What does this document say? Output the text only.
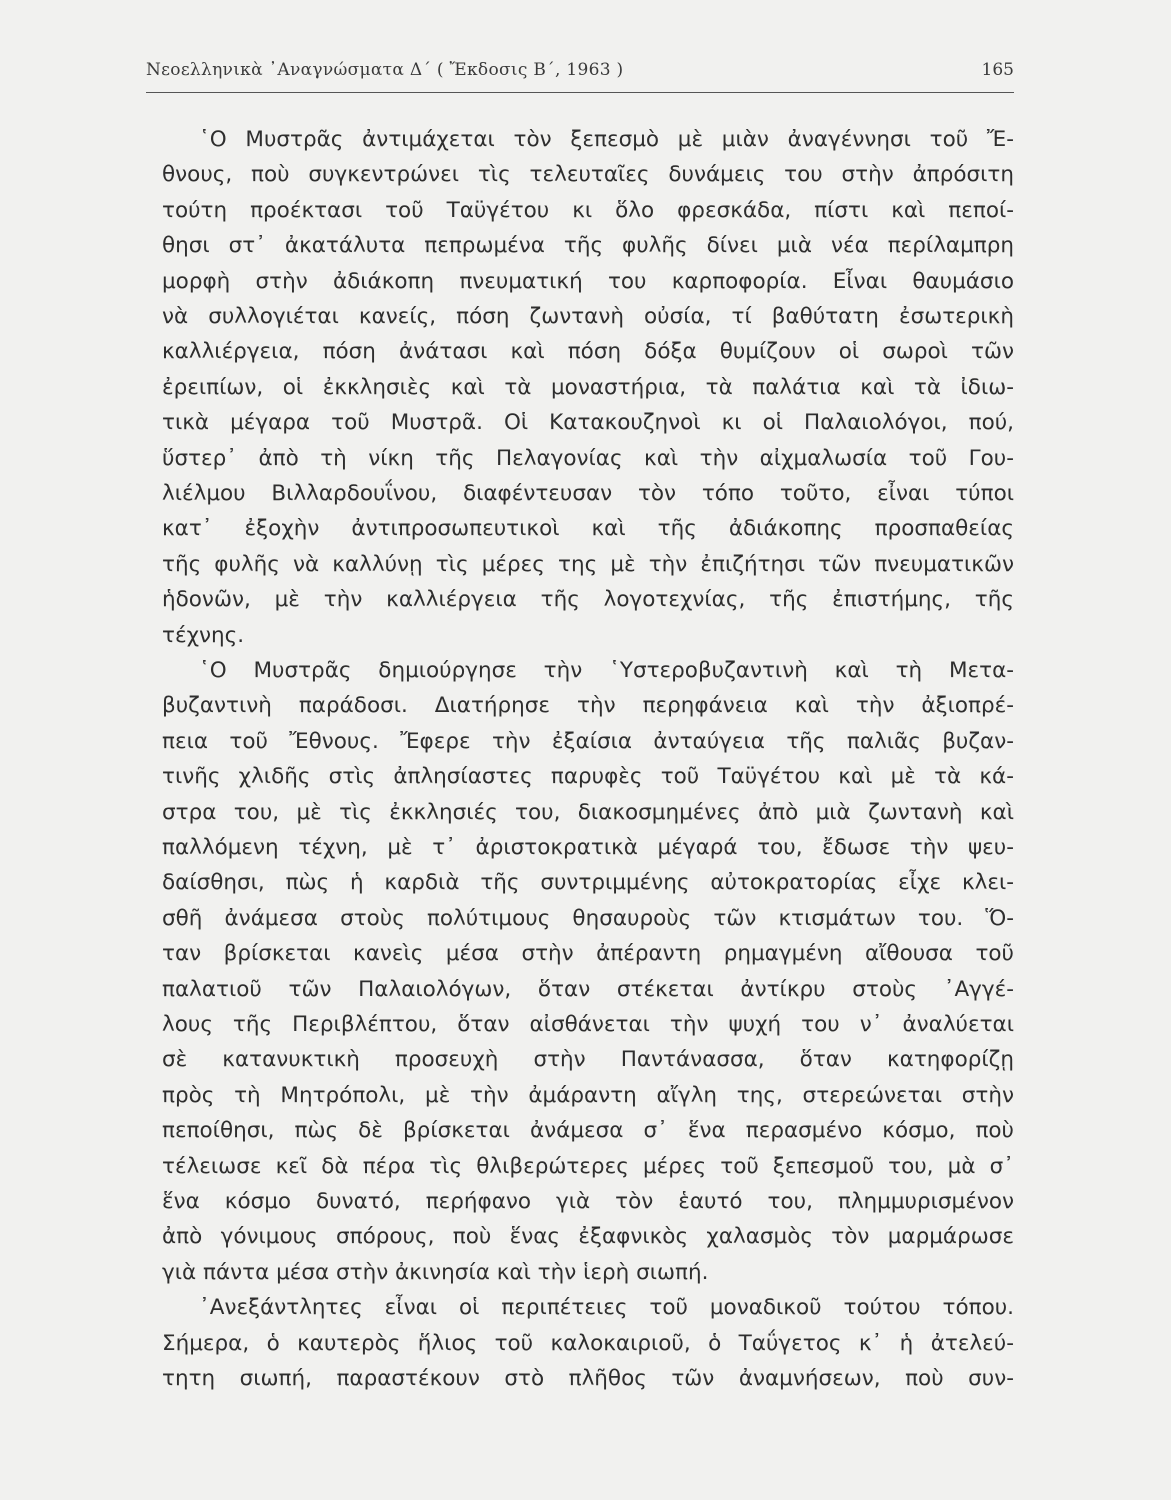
Νεοελληνικὰ ᾿Αναγνώσματα Δ΄ ( Ἔκδοσις Β΄, 1963 )	165
῾Ο Μυστρᾶς ἀντιμάχεται τὸν ξεπεσμὸ μὲ μιὰν ἀναγέννησι τοῦ Ἔ-
θνους, ποὺ συγκεντρώνει τὶς τελευταῖες δυνάμεις του στὴν ἀπρόσιτη
τούτη προέκτασι τοῦ Ταϋγέτου κι ὅλο φρεσκάδα, πίστι καὶ πεποί-
θησι στ᾿ ἀκατάλυτα πεπρωμένα τῆς φυλῆς δίνει μιὰ νέα περίλαμπρη
μορφὴ στὴν ἀδιάκοπη πνευματική του καρποφορία. Εἶναι θαυμάσιο
νὰ συλλογιέται κανείς, πόση ζωντανὴ οὐσία, τί βαθύτατη ἐσωτερικὴ
καλλιέργεια, πόση ἀνάτασι καὶ πόση δόξα θυμίζουν οἱ σωροὶ τῶν
ἐρειπίων, οἱ ἐκκλησιὲς καὶ τὰ μοναστήρια, τὰ παλάτια καὶ τὰ ἰδιω-
τικὰ μέγαρα τοῦ Μυστρᾶ. Οἱ Κατακουζηνοὶ κι οἱ Παλαιολόγοι, πού,
ὕστερ᾿ ἀπὸ τὴ νίκη τῆς Πελαγονίας καὶ τὴν αἰχμαλωσία τοῦ Γου-
λιέλμου Βιλλαρδουΐνου, διαφέντευσαν τὸν τόπο τοῦτο, εἶναι τύποι
κατ᾿ ἐξοχὴν ἀντιπροσωπευτικοὶ καὶ τῆς ἀδιάκοπης προσπαθείας
τῆς φυλῆς νὰ καλλύνῃ τὶς μέρες της μὲ τὴν ἐπιζήτησι τῶν πνευματικῶν
ἡδονῶν, μὲ τὴν καλλιέργεια τῆς λογοτεχνίας, τῆς ἐπιστήμης, τῆς
τέχνης.
῾Ο Μυστρᾶς δημιούργησε τὴν ῾Υστεροβυζαντινὴ καὶ τὴ Μετα-
βυζαντινὴ παράδοσι. Διατήρησε τὴν περηφάνεια καὶ τὴν ἀξιοπρέ-
πεια τοῦ Ἔθνους. Ἔφερε τὴν ἐξαίσια ἀνταύγεια τῆς παλιᾶς βυζαν-
τινῆς χλιδῆς στὶς ἀπλησίαστες παρυφὲς τοῦ Ταϋγέτου καὶ μὲ τὰ κά-
στρα του, μὲ τὶς ἐκκλησιές του, διακοσμημένες ἀπὸ μιὰ ζωντανὴ καὶ
παλλόμενη τέχνη, μὲ τ᾿ ἀριστοκρατικὰ μέγαρά του, ἔδωσε τὴν ψευ-
δαίσθησι, πὼς ἡ καρδιὰ τῆς συντριμμένης αὐτοκρατορίας εἶχε κλει-
σθῆ ἀνάμεσα στοὺς πολύτιμους θησαυροὺς τῶν κτισμάτων του. Ὅ-
ταν βρίσκεται κανεὶς μέσα στὴν ἀπέραντη ρημαγμένη αἴθουσα τοῦ
παλατιοῦ τῶν Παλαιολόγων, ὅταν στέκεται ἀντίκρυ στοὺς ᾿Αγγέ-
λους τῆς Περιβλέπτου, ὅταν αἰσθάνεται τὴν ψυχή του ν᾿ ἀναλύεται
σὲ κατανυκτικὴ προσευχὴ στὴν Παντάνασσα, ὅταν κατηφορίζῃ
πρὸς τὴ Μητρόπολι, μὲ τὴν ἀμάραντη αἴγλη της, στερεώνεται στὴν
πεποίθησι, πὼς δὲ βρίσκεται ἀνάμεσα σ᾿ ἕνα περασμένο κόσμο, ποὺ
τέλειωσε κεῖ δὰ πέρα τὶς θλιβερώτερες μέρες τοῦ ξεπεσμοῦ του, μὰ σ᾿
ἕνα κόσμο δυνατό, περήφανο γιὰ τὸν ἑαυτό του, πλημμυρισμένον
ἀπὸ γόνιμους σπόρους, ποὺ ἕνας ἐξαφνικὸς χαλασμὸς τὸν μαρμάρωσε
γιὰ πάντα μέσα στὴν ἀκινησία καὶ τὴν ἱερὴ σιωπή.
᾿Ανεξάντλητες εἶναι οἱ περιπέτειες τοῦ μοναδικοῦ τούτου τόπου.
Σήμερα, ὁ καυτερὸς ἥλιος τοῦ καλοκαιριοῦ, ὁ Ταΰγετος κ᾿ ἡ ἀτελεύ-
τητη σιωπή, παραστέκουν στὸ πλῆθος τῶν ἀναμνήσεων, ποὺ συν-
